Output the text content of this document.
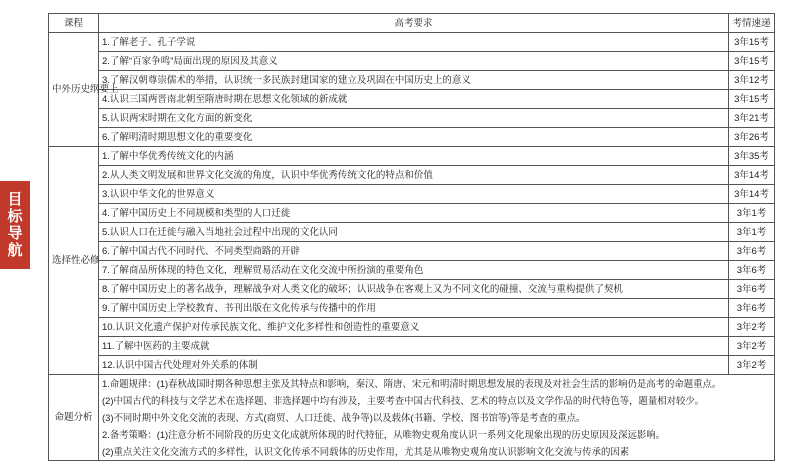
目
标
导
航
课程	高考要求	考情速递
中外历史纲要上	1.了解老子、孔子学说	3年15考
	2.了解“百家争鸣”局面出现的原因及其意义	3年15考
	3.了解汉朝尊崇儒术的举措，认识统一多民族封建国家的建立及巩固在中国历史上的意义	3年12考
	4.认识三国两晋南北朝至隋唐时期在思想文化领域的新成就	3年15考
	5.认识两宋时期在文化方面的新变化	3年21考
	6.了解明清时期思想文化的重要变化	3年26考
选择性必修	1.了解中华优秀传统文化的内涵	3年35考
	2.从人类文明发展和世界文化交流的角度，认识中华优秀传统文化的特点和价值	3年14考
	3.认识中华文化的世界意义	3年14考
	4.了解中国历史上不同规模和类型的人口迁徙	3年1考
	5.认识人口在迁徙与融入当地社会过程中出现的文化认同	3年1考
	6.了解中国古代不同时代、不同类型商路的开辟	3年6考
	7.了解商品所体现的特色文化，理解贸易活动在文化交流中所扮演的重要角色	3年6考
	8.了解中国历史上的著名战争，理解战争对人类文化的破坏；认识战争在客观上又为不同文化的碰撞、交流与重构提供了契机	3年6考
	9.了解中国历史上学校教育、书刊出版在文化传承与传播中的作用	3年6考
	10.认识文化遗产保护对传承民族文化、维护文化多样性和创造性的重要意义	3年2考
	11.了解中医药的主要成就	3年2考
	12.认识中国古代处理对外关系的体制	3年2考
命题分析	1.命题规律：(1)春秋战国时期各种思想主张及其特点和影响，秦汉、隋唐、宋元和明清时期思想发展的表现及对社会生活的影响仍是高考的命题重点。
(2)中国古代的科技与文学艺术在选择题、非选择题中均有涉及，主要考查中国古代科技、艺术的特点以及文学作品的时代特色等，题量相对较少。
(3)不同时期中外文化交流的表现、方式(商贸、人口迁徙、战争等)以及载体(书籍、学校、图书馆等)等是考查的重点。
2.备考策略：(1)注意分析不同阶段的历史文化成就所体现的时代特征，从唯物史观角度认识一系列文化现象出现的历史原因及深远影响。
(2)重点关注文化交流方式的多样性，认识文化传承不同载体的历史作用，尤其是从唯物史观角度认识影响文化交流与传承的因素	
